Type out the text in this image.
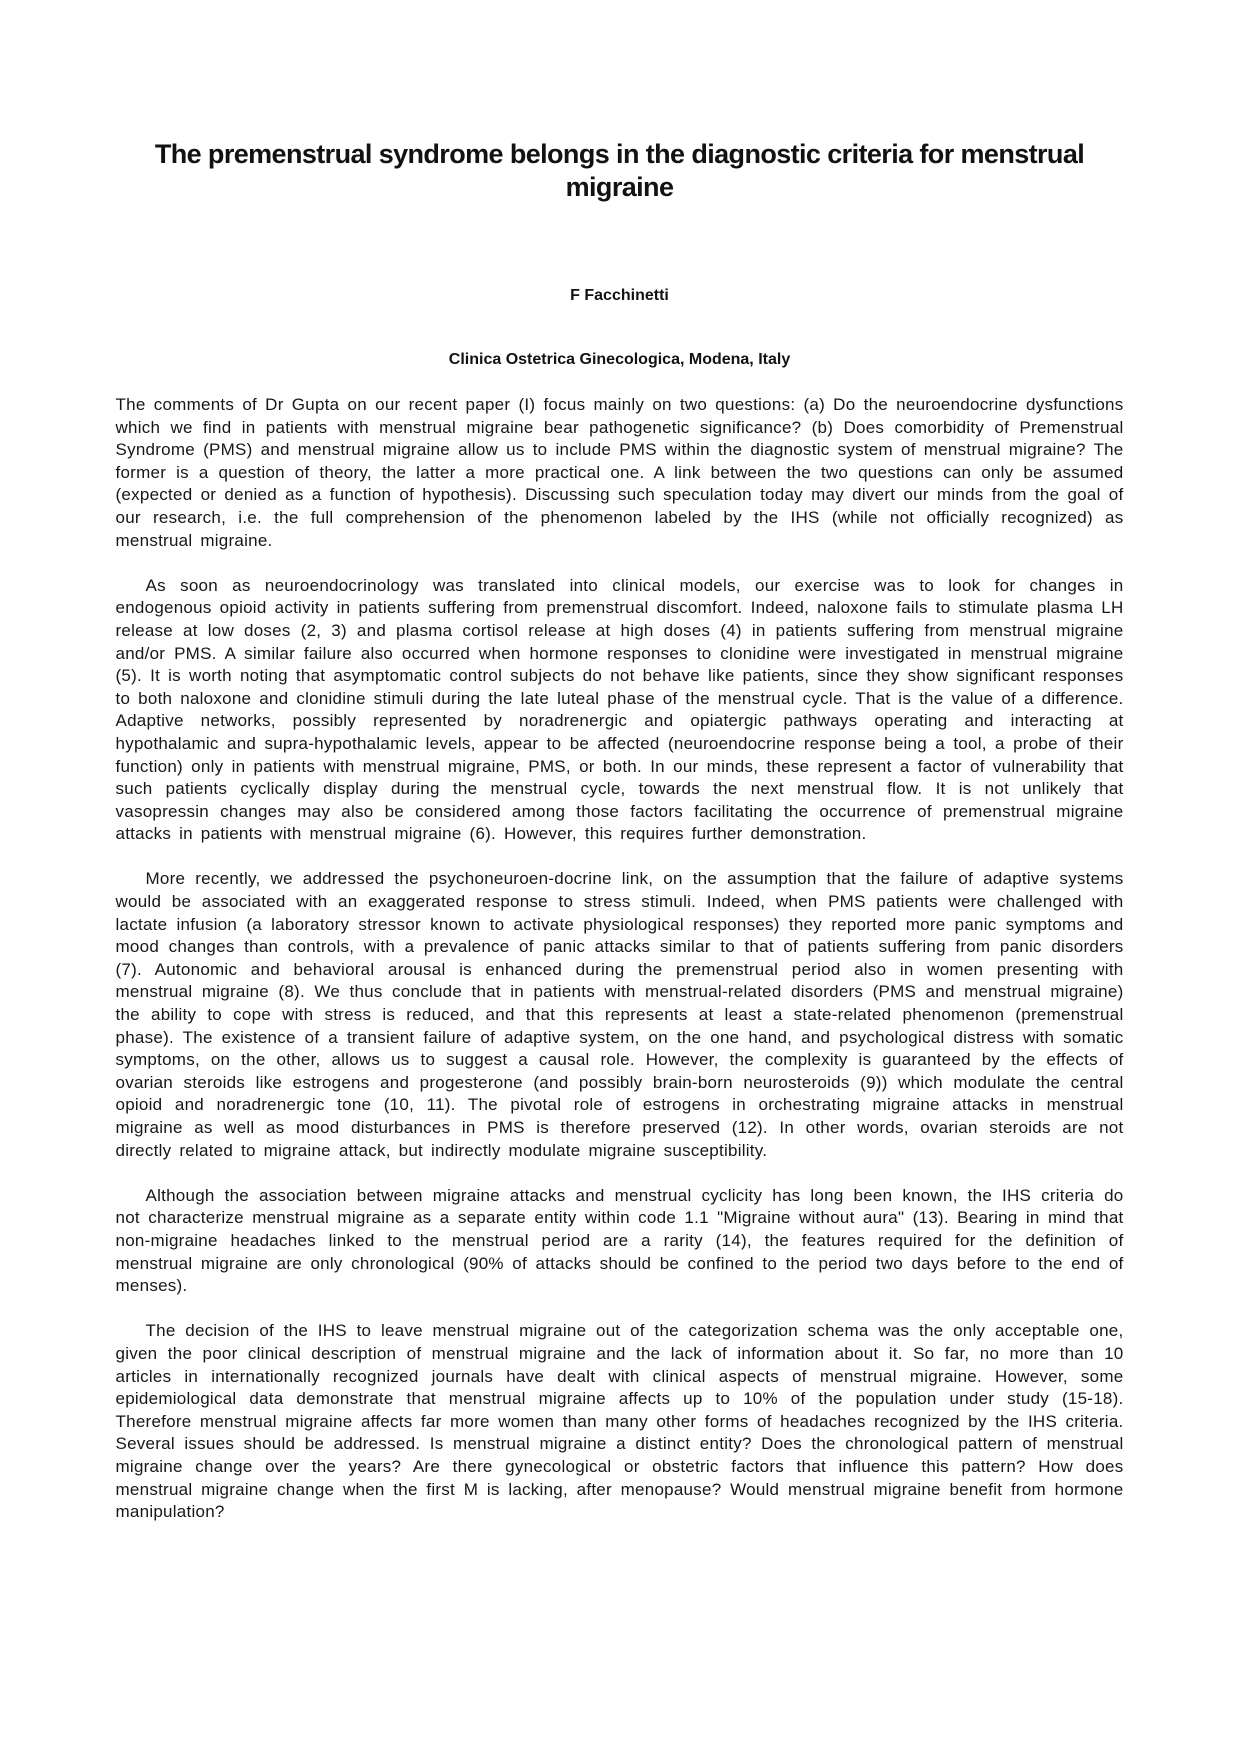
The premenstrual syndrome belongs in the diagnostic criteria for menstrual
migraine
F Facchinetti
Clinica Ostetrica Ginecologica, Modena, Italy

The comments of Dr Gupta on our recent paper (I) focus mainly on two questions: (a) Do the neuroendocrine dysfunctions which we find in patients with menstrual migraine bear pathogenetic significance? (b) Does comorbidity of Premenstrual Syndrome (PMS) and menstrual migraine allow us to include PMS within the diagnostic system of menstrual migraine? The former is a question of theory, the latter a more practical one. A link between the two questions can only be assumed (expected or denied as a function of hypothesis). Discussing such speculation today may divert our minds from the goal of our research, i.e. the full comprehension of the phenomenon labeled by the IHS (while not officially recognized) as menstrual migraine.

As soon as neuroendocrinology was translated into clinical models, our exercise was to look for changes in endogenous opioid activity in patients suffering from premenstrual discomfort. Indeed, naloxone fails to stimulate plasma LH release at low doses (2, 3) and plasma cortisol release at high doses (4) in patients suffering from menstrual migraine and/or PMS. A similar failure also occurred when hormone responses to clonidine were investigated in menstrual migraine (5). It is worth noting that asymptomatic control subjects do not behave like patients, since they show significant responses to both naloxone and clonidine stimuli during the late luteal phase of the menstrual cycle. That is the value of a difference. Adaptive networks, possibly represented by noradrenergic and opiatergic pathways operating and interacting at hypothalamic and supra-hypothalamic levels, appear to be affected (neuroendocrine response being a tool, a probe of their function) only in patients with menstrual migraine, PMS, or both. In our minds, these represent a factor of vulnerability that such patients cyclically display during the menstrual cycle, towards the next menstrual flow. It is not unlikely that vasopressin changes may also be considered among those factors facilitating the occurrence of premenstrual migraine attacks in patients with menstrual migraine (6). However, this requires further demonstration.

More recently, we addressed the psychoneuroen-docrine link, on the assumption that the failure of adaptive systems would be associated with an exaggerated response to stress stimuli. Indeed, when PMS patients were challenged with lactate infusion (a laboratory stressor known to activate physiological responses) they reported more panic symptoms and mood changes than controls, with a prevalence of panic attacks similar to that of patients suffering from panic disorders (7). Autonomic and behavioral arousal is enhanced during the premenstrual period also in women presenting with menstrual migraine (8). We thus conclude that in patients with menstrual-related disorders (PMS and menstrual migraine) the ability to cope with stress is reduced, and that this represents at least a state-related phenomenon (premenstrual phase). The existence of a transient failure of adaptive system, on the one hand, and psychological distress with somatic symptoms, on the other, allows us to suggest a causal role. However, the complexity is guaranteed by the effects of ovarian steroids like estrogens and progesterone (and possibly brain-born neurosteroids (9)) which modulate the central opioid and noradrenergic tone (10, 11). The pivotal role of estrogens in orchestrating migraine attacks in menstrual migraine as well as mood disturbances in PMS is therefore preserved (12). In other words, ovarian steroids are not directly related to migraine attack, but indirectly modulate migraine susceptibility.

Although the association between migraine attacks and menstrual cyclicity has long been known, the IHS criteria do not characterize menstrual migraine as a separate entity within code 1.1 "Migraine without aura" (13). Bearing in mind that non-migraine headaches linked to the menstrual period are a rarity (14), the features required for the definition of menstrual migraine are only chronological (90% of attacks should be confined to the period two days before to the end of menses).

The decision of the IHS to leave menstrual migraine out of the categorization schema was the only acceptable one, given the poor clinical description of menstrual migraine and the lack of information about it. So far, no more than 10 articles in internationally recognized journals have dealt with clinical aspects of menstrual migraine. However, some epidemiological data demonstrate that menstrual migraine affects up to 10% of the population under study (15-18). Therefore menstrual migraine affects far more women than many other forms of headaches recognized by the IHS criteria. Several issues should be addressed. Is menstrual migraine a distinct entity? Does the chronological pattern of menstrual migraine change over the years? Are there gynecological or obstetric factors that influence this pattern? How does menstrual migraine change when the first M is lacking, after menopause? Would menstrual migraine benefit from hormone manipulation?
